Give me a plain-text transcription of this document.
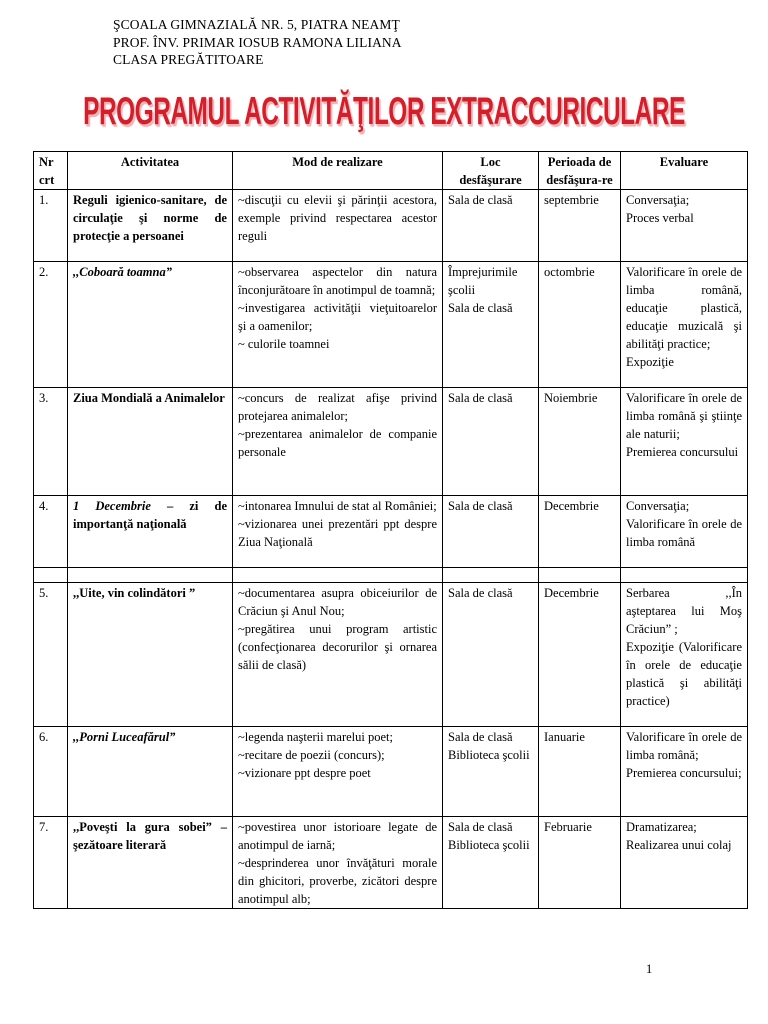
ŞCOALA GIMNAZIALĂ NR. 5, PIATRA NEAMŢ
PROF. ÎNV. PRIMAR IOSUB RAMONA LILIANA
CLASA PREGĂTITOARE
PROGRAMUL ACTIVITĂŢILOR EXTRACCURICULARE
Nr crt	Activitatea	Mod de realizare	Loc desfăşurare	Perioada de desfăşura-re	Evaluare
1.	Reguli igienico-sanitare, de circulaţie şi norme de protecţie a persoanei	~discuţii cu elevii şi părinţii acestora, exemple privind respectarea acestor reguli	Sala de clasă	septembrie	Conversaţia;
Proces verbal
2.	,,Coboară toamna”	~observarea aspectelor din natura înconjurătoare în anotimpul de toamnă;
~investigarea activităţii vieţuitoarelor şi a oamenilor;
~ culorile toamnei	Împrejurimile şcolii
Sala de clasă	octombrie	Valorificare în orele de limba română, educaţie plastică, educaţie muzicală şi abilităţi practice;
Expoziţie
3.	Ziua Mondială a Animalelor	~concurs de realizat afişe privind protejarea animalelor;
~prezentarea animalelor de companie personale	Sala de clasă	Noiembrie	Valorificare în orele de limba română şi ştiinţe ale naturii;
Premierea concursului
4.	1 Decembrie – zi de importanţă naţională	~intonarea Imnului de stat al României;
~vizionarea unei prezentări ppt despre Ziua Naţională	Sala de clasă	Decembrie	Conversaţia;
Valorificare în orele de limba română

5.	,,Uite, vin colindători ”	~documentarea asupra obiceiurilor de Crăciun şi Anul Nou;
~pregătirea unui program artistic (confecţionarea decorurilor şi ornarea sălii de clasă)	Sala de clasă	Decembrie	Serbarea ,,În aşteptarea lui Moş Crăciun” ;
Expoziţie (Valorificare în orele de educaţie plastică şi abilităţi practice)
6.	,,Porni Luceafărul”	~legenda naşterii marelui poet;
~recitare de poezii (concurs);
~vizionare ppt despre poet	Sala de clasă
Biblioteca şcolii	Ianuarie	Valorificare în orele de limba română;
Premierea concursului;
7.	,,Poveşti la gura sobei” – şezătoare literară	~povestirea unor istorioare legate de anotimpul de iarnă;
~desprinderea unor învăţături morale din ghicitori, proverbe, zicători despre anotimpul alb;	Sala de clasă
Biblioteca şcolii	Februarie	Dramatizarea;
Realizarea unui colaj
1
